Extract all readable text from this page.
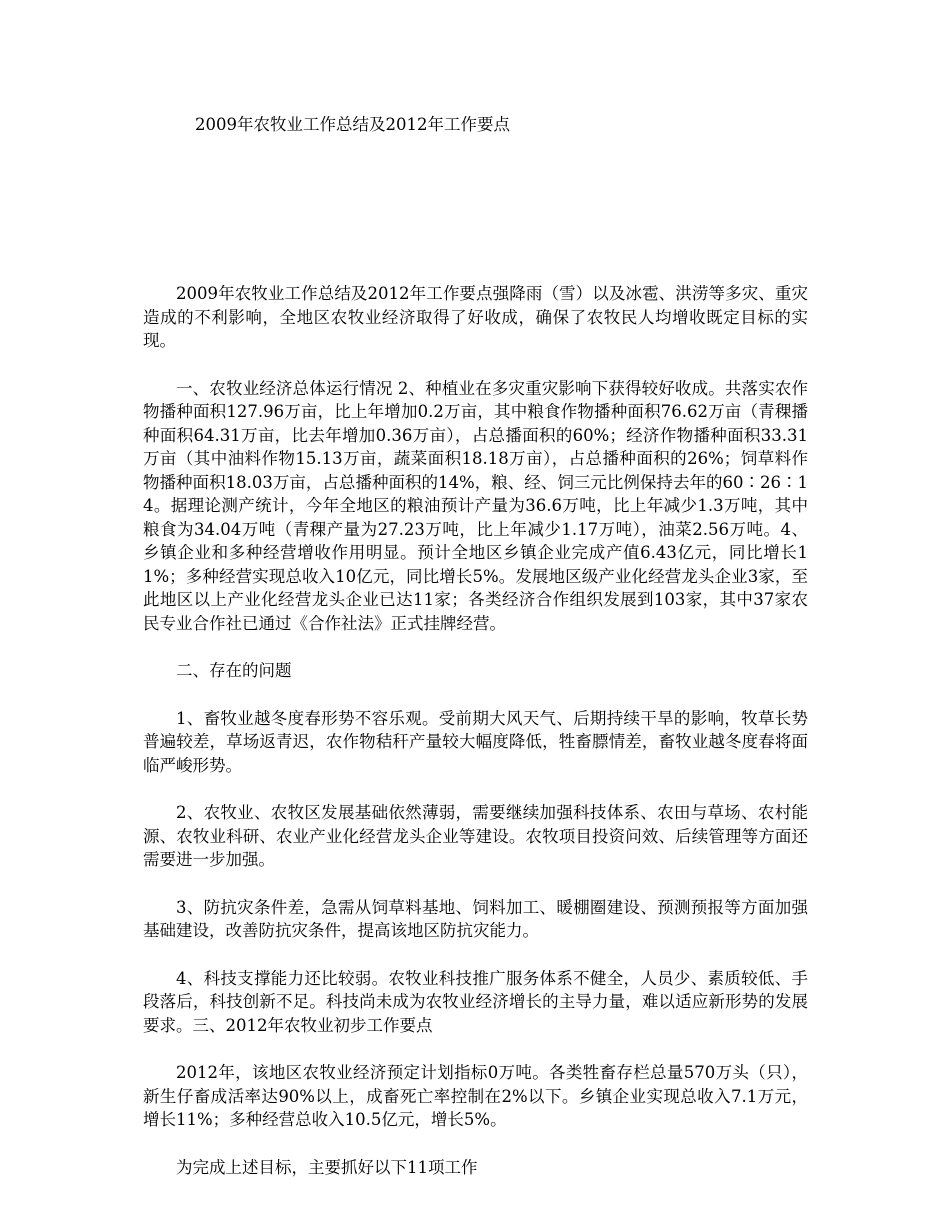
2009年农牧业工作总结及2012年工作要点

2009年农牧业工作总结及2012年工作要点强降雨（雪）以及冰雹、洪涝等多灾、重灾造成的不利影响，全地区农牧业经济取得了好收成，确保了农牧民人均增收既定目标的实现。

一、农牧业经济总体运行情况 2、种植业在多灾重灾影响下获得较好收成。共落实农作物播种面积127.96万亩，比上年增加0.2万亩，其中粮食作物播种面积76.62万亩（青稞播种面积64.31万亩，比去年增加0.36万亩），占总播面积的60%；经济作物播种面积33.31万亩（其中油料作物15.13万亩，蔬菜面积18.18万亩），占总播种面积的26%；饲草料作物播种面积18.03万亩，占总播种面积的14%，粮、经、饲三元比例保持去年的60∶26∶14。据理论测产统计，今年全地区的粮油预计产量为36.6万吨，比上年减少1.3万吨，其中粮食为34.04万吨（青稞产量为27.23万吨，比上年减少1.17万吨），油菜2.56万吨。4、乡镇企业和多种经营增收作用明显。预计全地区乡镇企业完成产值6.43亿元，同比增长11%；多种经营实现总收入10亿元，同比增长5%。发展地区级产业化经营龙头企业3家，至此地区以上产业化经营龙头企业已达11家；各类经济合作组织发展到103家，其中37家农民专业合作社已通过《合作社法》正式挂牌经营。

二、存在的问题

1、畜牧业越冬度春形势不容乐观。受前期大风天气、后期持续干旱的影响，牧草长势普遍较差，草场返青迟，农作物秸秆产量较大幅度降低，牲畜膘情差，畜牧业越冬度春将面临严峻形势。

2、农牧业、农牧区发展基础依然薄弱，需要继续加强科技体系、农田与草场、农村能源、农牧业科研、农业产业化经营龙头企业等建设。农牧项目投资问效、后续管理等方面还需要进一步加强。

3、防抗灾条件差，急需从饲草料基地、饲料加工、暖棚圈建设、预测预报等方面加强基础建设，改善防抗灾条件，提高该地区防抗灾能力。

4、科技支撑能力还比较弱。农牧业科技推广服务体系不健全，人员少、素质较低、手段落后，科技创新不足。科技尚未成为农牧业经济增长的主导力量，难以适应新形势的发展要求。三、2012年农牧业初步工作要点

2012年，该地区农牧业经济预定计划指标0万吨。各类牲畜存栏总量570万头（只），新生仔畜成活率达90%以上，成畜死亡率控制在2%以下。乡镇企业实现总收入7.1万元，增长11%；多种经营总收入10.5亿元，增长5%。

为完成上述目标，主要抓好以下11项工作
